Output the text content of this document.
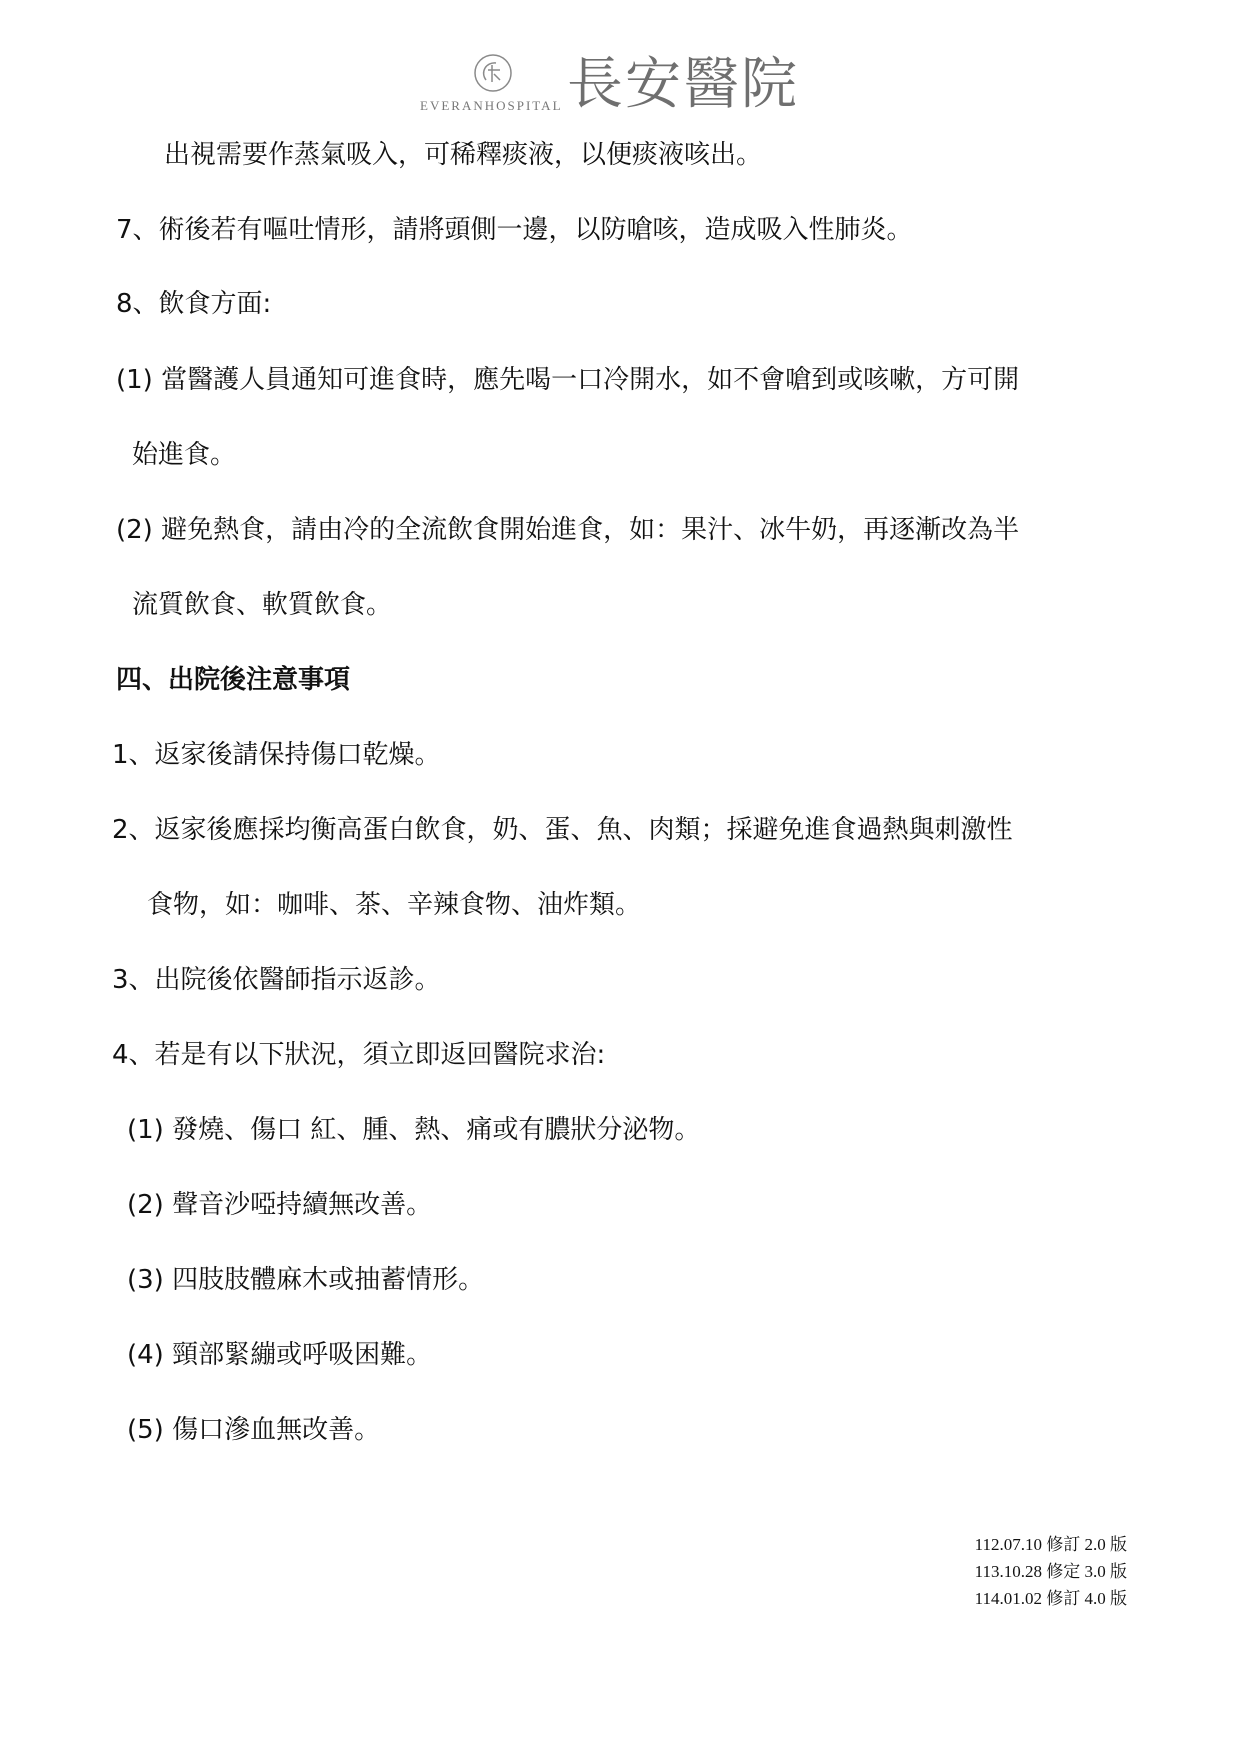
EVERANHOSPITAL 長安醫院
出視需要作蒸氣吸入，可稀釋痰液，以便痰液咳出。
7、術後若有嘔吐情形，請將頭側一邊，以防嗆咳，造成吸入性肺炎。
8、飲食方面:
(1) 當醫護人員通知可進食時，應先喝一口冷開水，如不會嗆到或咳嗽，方可開
始進食。
(2) 避免熱食，請由冷的全流飲食開始進食，如：果汁、冰牛奶，再逐漸改為半
流質飲食、軟質飲食。
四、出院後注意事項
1、返家後請保持傷口乾燥。
2、返家後應採均衡高蛋白飲食，奶、蛋、魚、肉類；採避免進食過熱與刺激性
食物，如：咖啡、茶、辛辣食物、油炸類。
3、出院後依醫師指示返診。
4、若是有以下狀況，須立即返回醫院求治:
(1) 發燒、傷口 紅、腫、熱、痛或有膿狀分泌物。
(2) 聲音沙啞持續無改善。
(3) 四肢肢體麻木或抽蓄情形。
(4) 頸部緊繃或呼吸困難。
(5) 傷口滲血無改善。
112.07.10 修訂 2.0 版
113.10.28 修定 3.0 版
114.01.02 修訂 4.0 版
